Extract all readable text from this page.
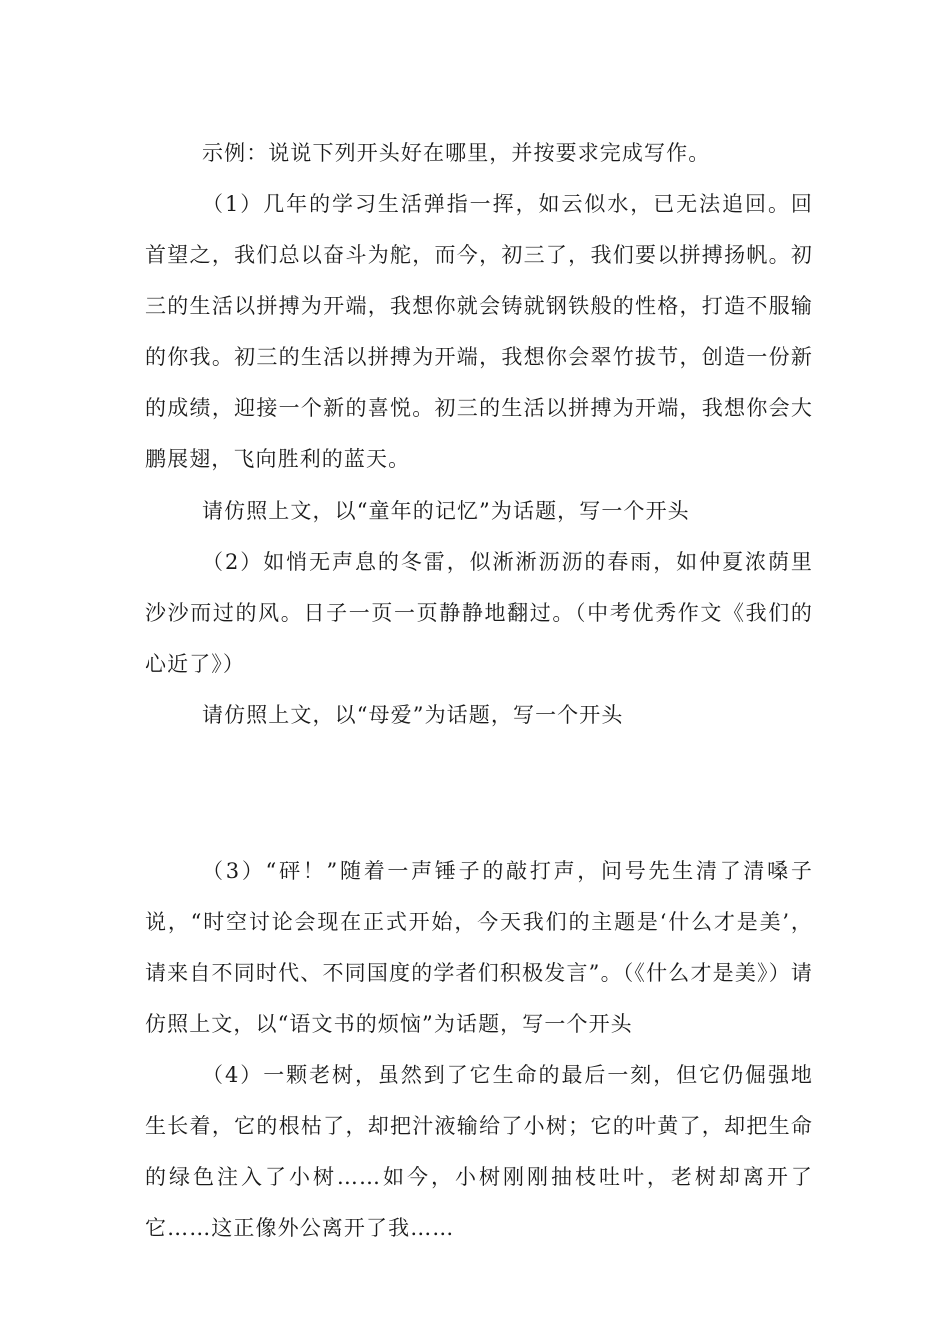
示例：说说下列开头好在哪里，并按要求完成写作。

（1）几年的学习生活弹指一挥，如云似水，已无法追回。回首望之，我们总以奋斗为舵，而今，初三了，我们要以拼搏扬帆。初三的生活以拼搏为开端，我想你就会铸就钢铁般的性格，打造不服输的你我。初三的生活以拼搏为开端，我想你会翠竹拔节，创造一份新的成绩，迎接一个新的喜悦。初三的生活以拼搏为开端，我想你会大鹏展翅，飞向胜利的蓝天。

请仿照上文，以“童年的记忆”为话题，写一个开头

（2）如悄无声息的冬雷，似淅淅沥沥的春雨，如仲夏浓荫里沙沙而过的风。日子一页一页静静地翻过。（中考优秀作文《我们的心近了》）

请仿照上文，以“母爱”为话题，写一个开头

（3）“砰！”随着一声锤子的敲打声，问号先生清了清嗓子说，“时空讨论会现在正式开始，今天我们的主题是‘什么才是美’，请来自不同时代、不同国度的学者们积极发言”。（《什么才是美》）请仿照上文，以“语文书的烦恼”为话题，写一个开头

（4）一颗老树，虽然到了它生命的最后一刻，但它仍倔强地生长着，它的根枯了，却把汁液输给了小树；它的叶黄了，却把生命的绿色注入了小树……如今，小树刚刚抽枝吐叶，老树却离开了它……这正像外公离开了我……
